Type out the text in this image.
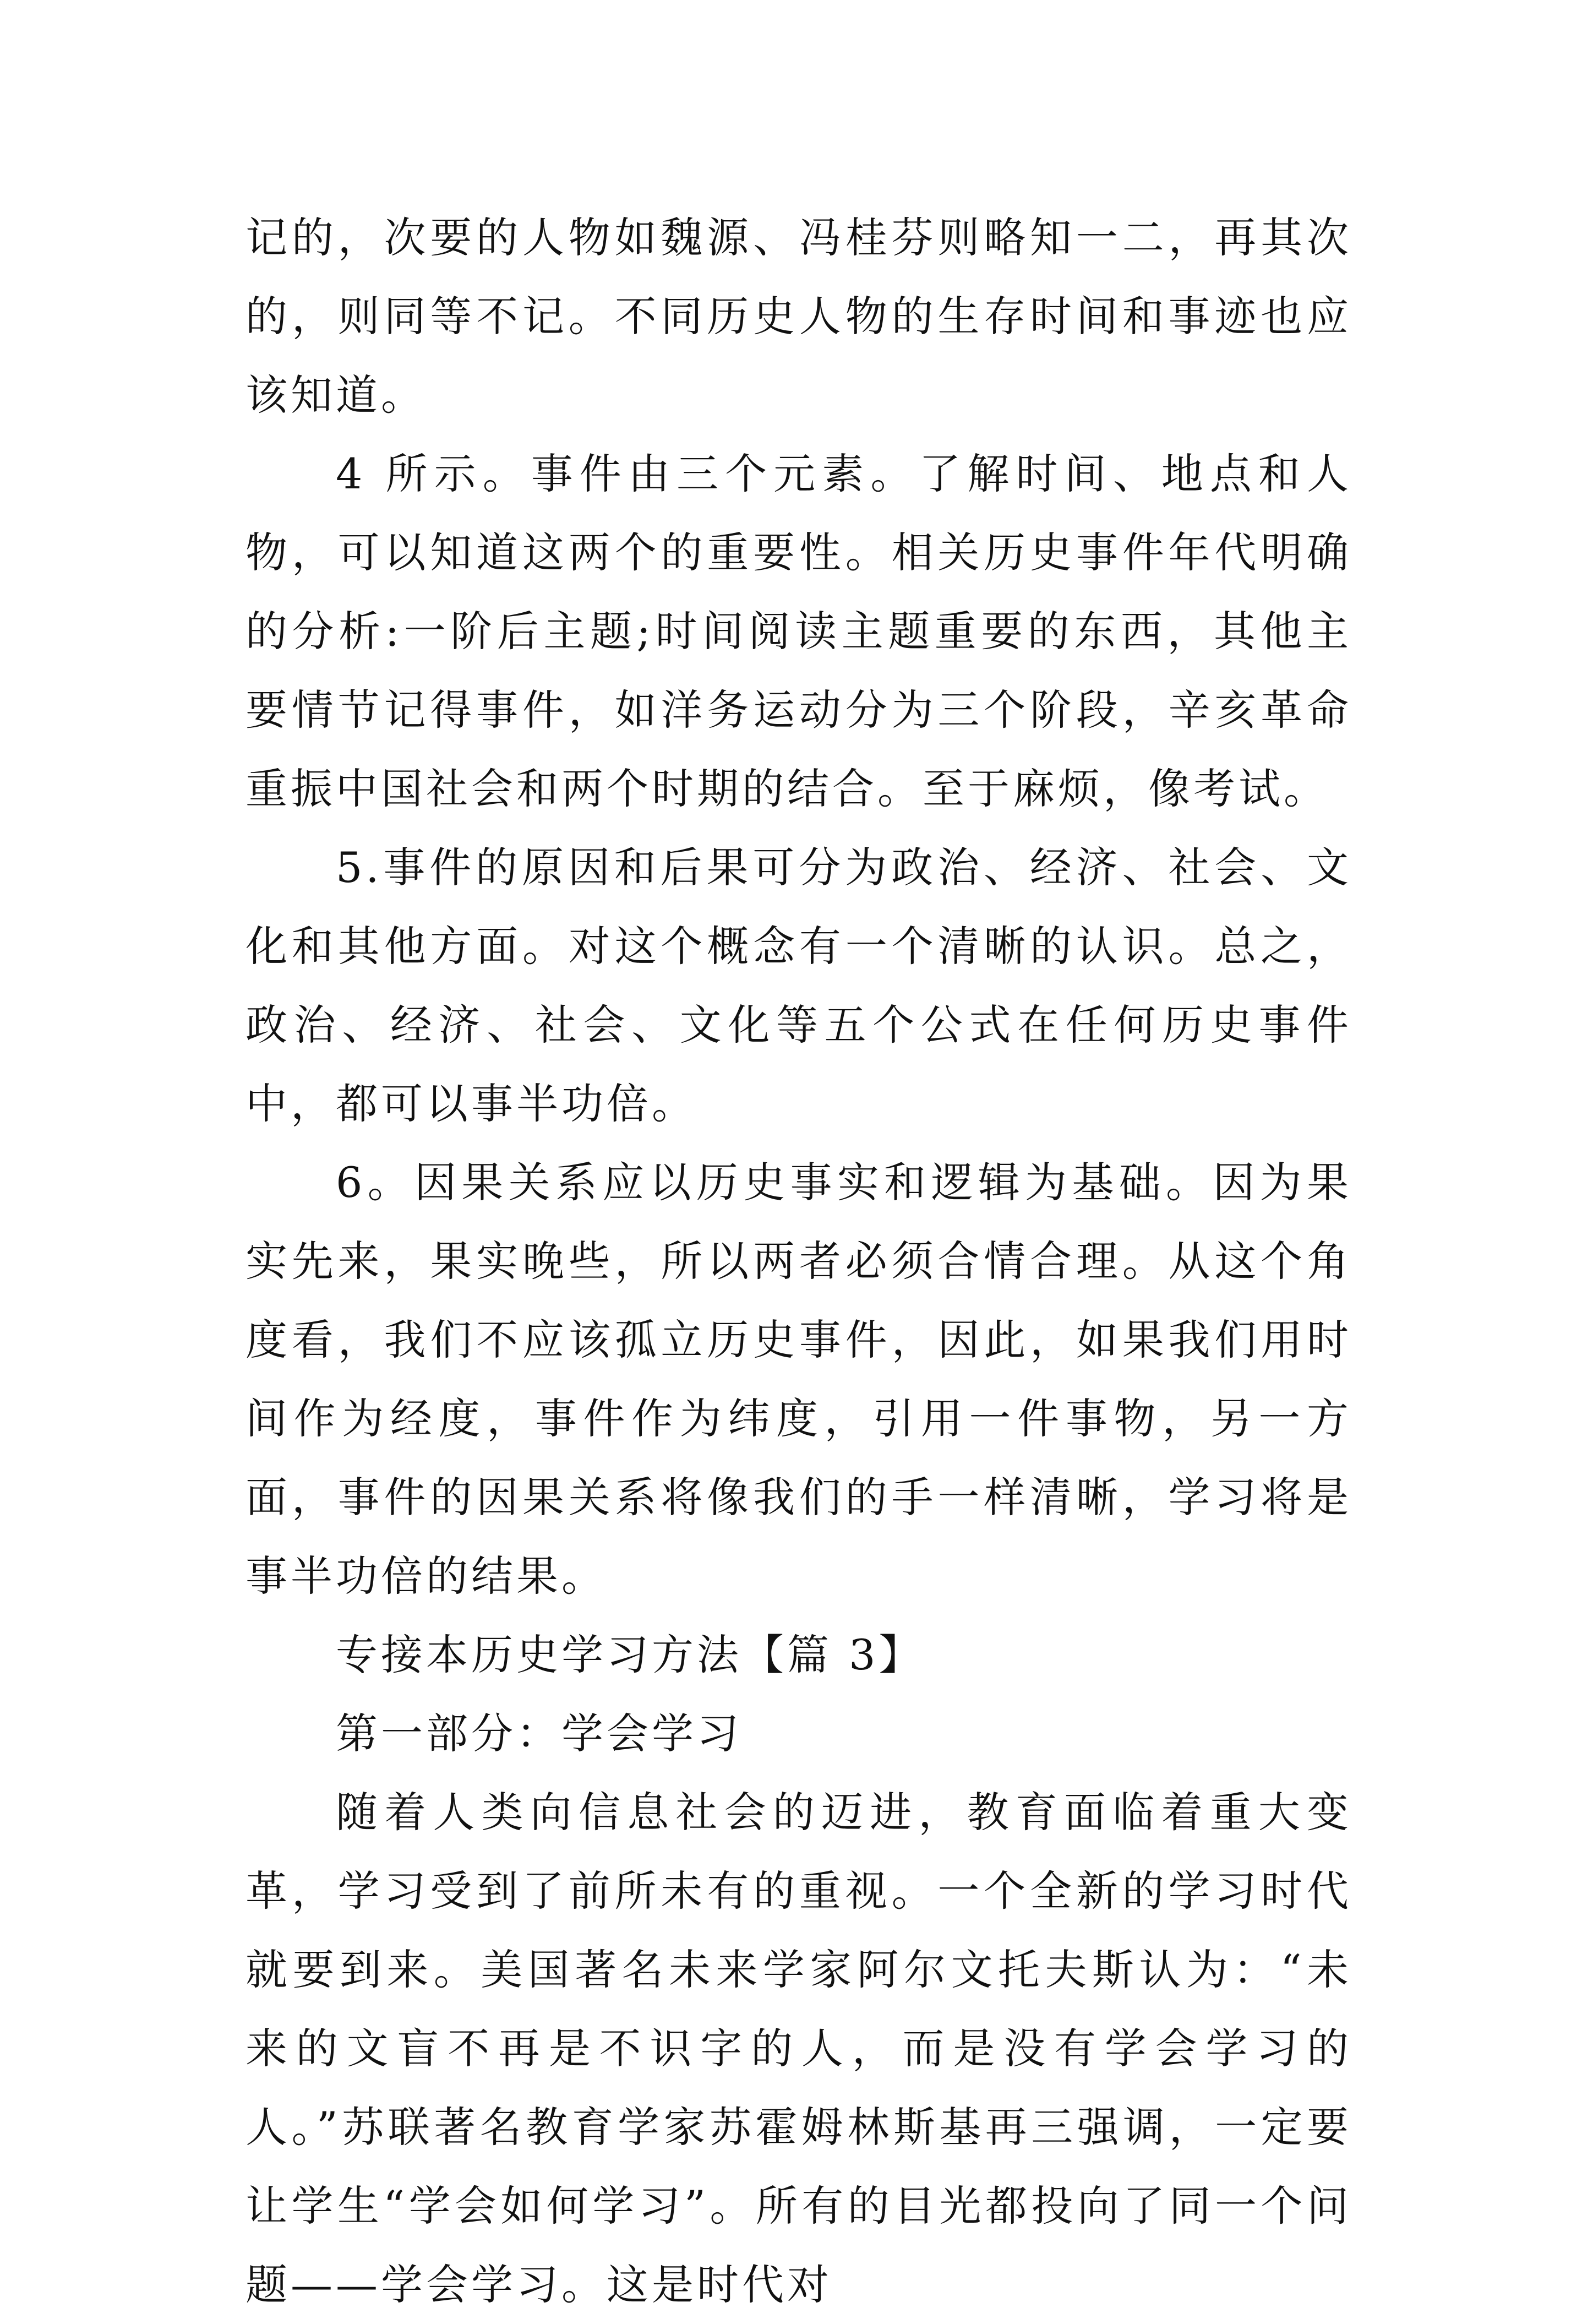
记的，次要的人物如魏源、冯桂芬则略知一二，再其次的，则同等不记。不同历史人物的生存时间和事迹也应该知道。

4 所示。事件由三个元素。了解时间、地点和人物，可以知道这两个的重要性。相关历史事件年代明确的分析:一阶后主题;时间阅读主题重要的东西，其他主要情节记得事件，如洋务运动分为三个阶段，辛亥革命重振中国社会和两个时期的结合。至于麻烦，像考试。

5.事件的原因和后果可分为政治、经济、社会、文化和其他方面。对这个概念有一个清晰的认识。总之，政治、经济、社会、文化等五个公式在任何历史事件中，都可以事半功倍。

6。因果关系应以历史事实和逻辑为基础。因为果实先来，果实晚些，所以两者必须合情合理。从这个角度看，我们不应该孤立历史事件，因此，如果我们用时间作为经度，事件作为纬度，引用一件事物，另一方面，事件的因果关系将像我们的手一样清晰，学习将是事半功倍的结果。

专接本历史学习方法【篇 3】

第一部分：学会学习

随着人类向信息社会的迈进，教育面临着重大变革，学习受到了前所未有的重视。一个全新的学习时代就要到来。美国著名未来学家阿尔文托夫斯认为：“未来的文盲不再是不识字的人，而是没有学会学习的人。”苏联著名教育学家苏霍姆林斯基再三强调，一定要让学生“学会如何学习”。所有的目光都投向了同一个问题——学会学习。这是时代对
